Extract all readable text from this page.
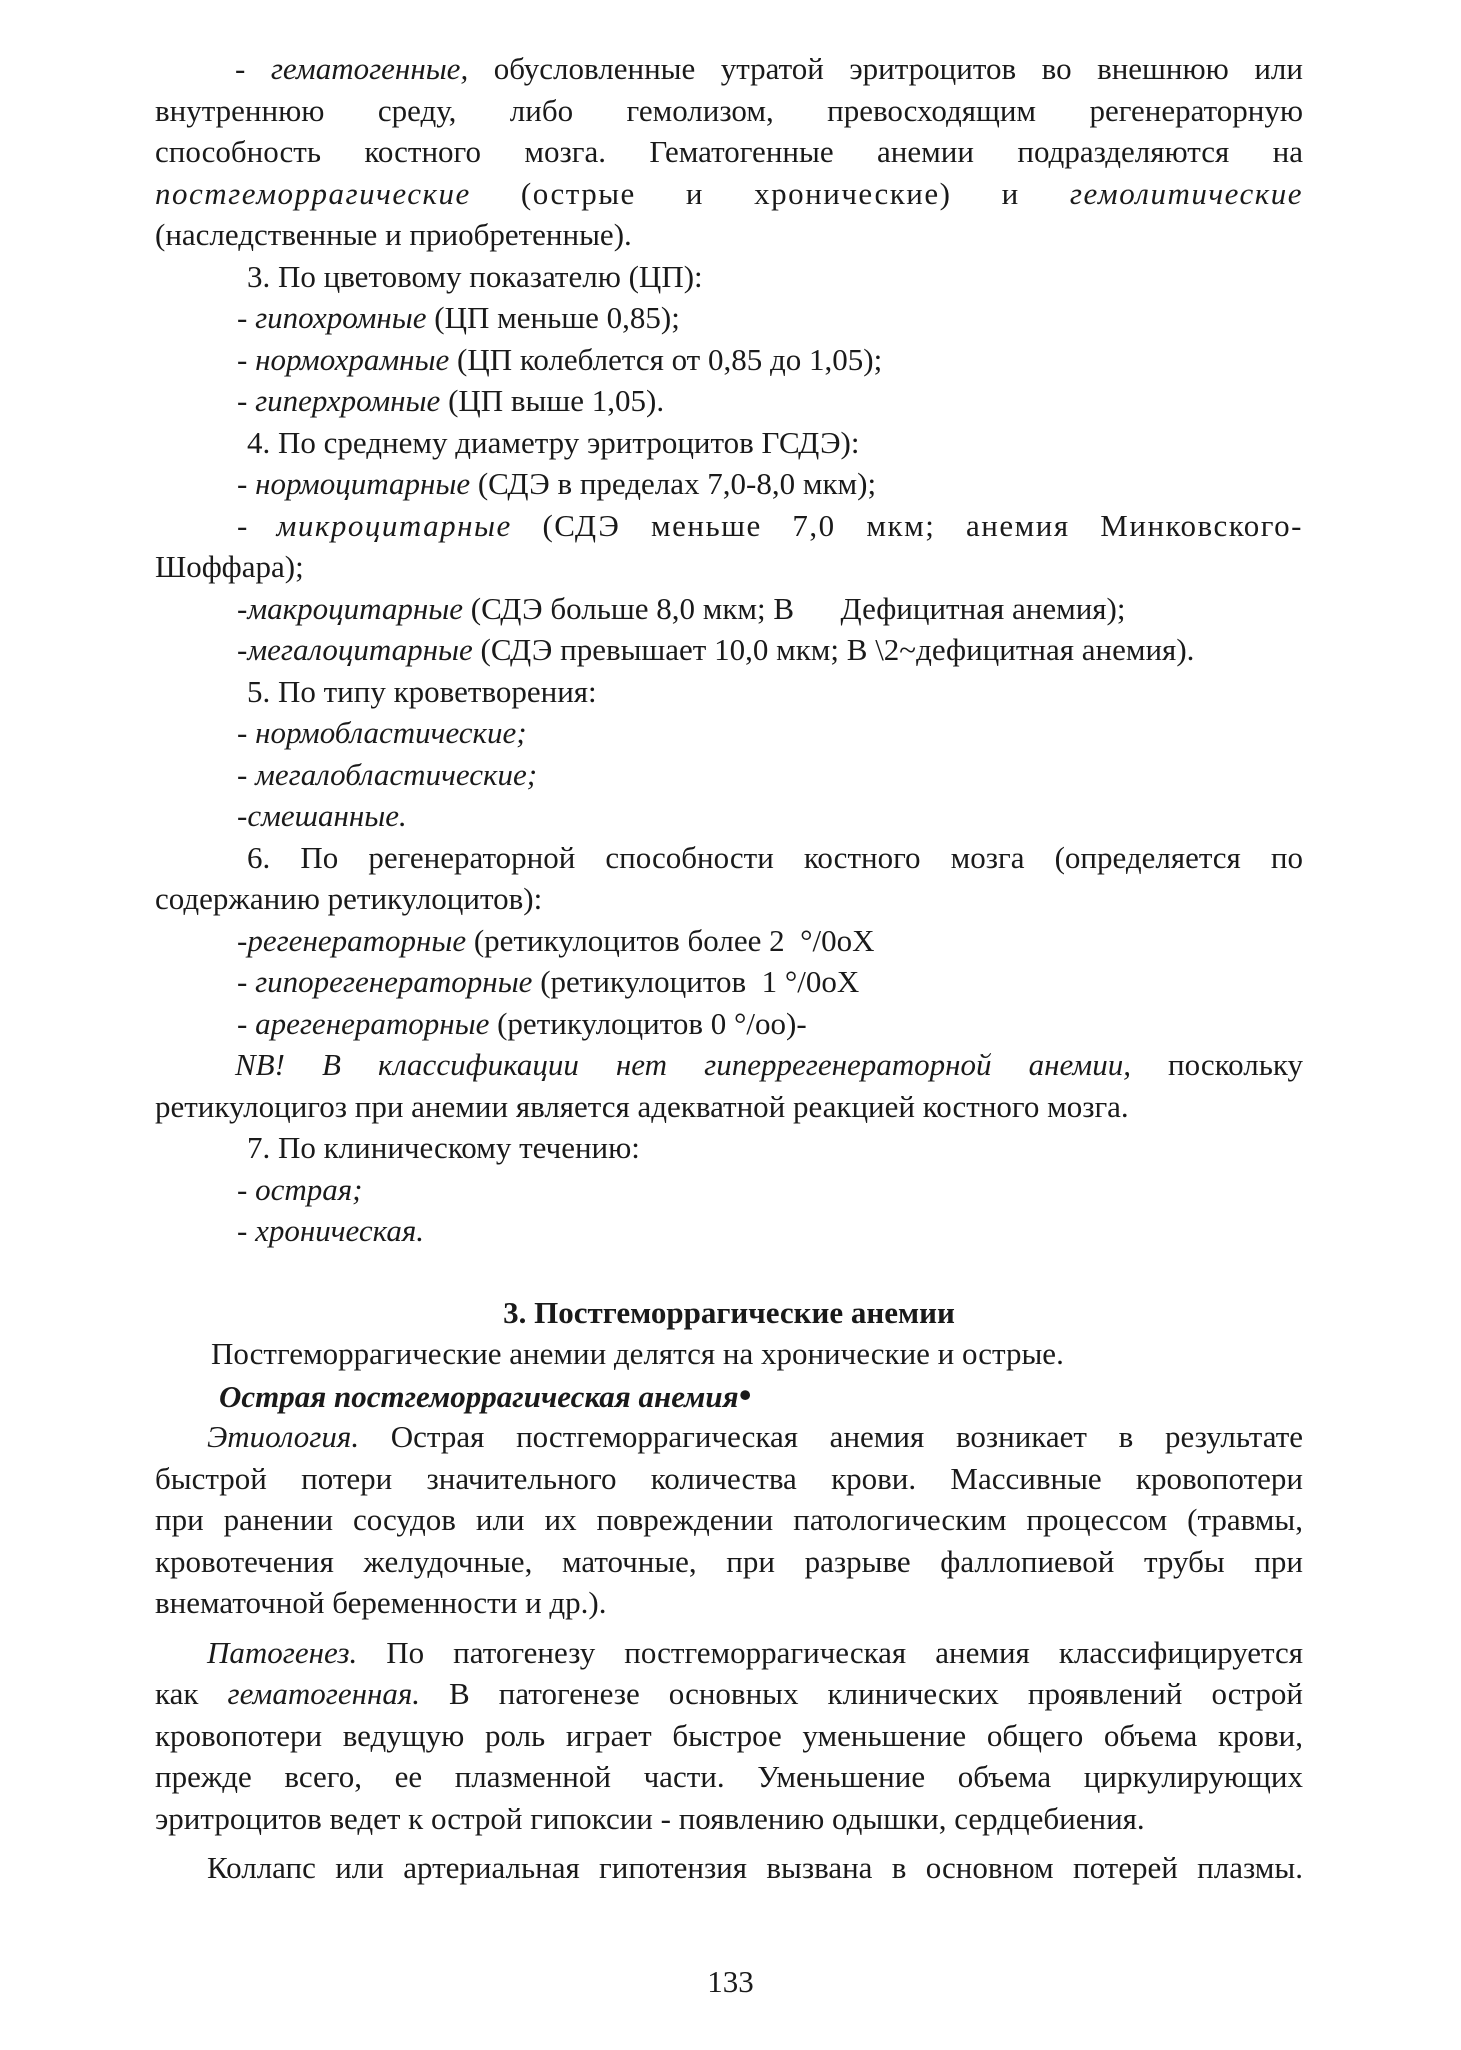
- гематогенные, обусловленные утратой эритроцитов во внешнюю или
внутреннюю среду, либо гемолизом, превосходящим регенераторную
способность костного мозга. Гематогенные анемии подразделяются на
постгеморрагические (острые и хронические) и гемолитические
(наследственные и приобретенные).
3. По цветовому показателю (ЦП):
- гипохромные (ЦП меньше 0,85);
- нормохрамные (ЦП колеблется от 0,85 до 1,05);
- гиперхромные (ЦП выше 1,05).
4. По среднему диаметру эритроцитов ГСДЭ):
- нормоцитарные (СДЭ в пределах 7,0-8,0 мкм);
- микроцитарные (СДЭ меньше 7,0 мкм; анемия Минковского-
Шоффара);
-макроцитарные (СДЭ больше 8,0 мкм; В      Дефицитная анемия);
-мегалоцитарные (СДЭ превышает 10,0 мкм; В \2~дефицитная анемия).
5. По типу кроветворения:
- нормобластические;
- мегалобластические;
-смешанные.
6. По регенераторной способности костного мозга (определяется по
содержанию ретикулоцитов):
-регенераторные (ретикулоцитов более 2  °/0оХ
- гипорегенераторные (ретикулоцитов  1 °/0оХ
- арегенераторные (ретикулоцитов 0 °/оо)-
NB! В классификации нет гиперрегенераторной анемии, поскольку
ретикулоцигоз при анемии является адекватной реакцией костного мозга.
7. По клиническому течению:
- острая;
- хроническая.
3. Постгеморрагические анемии
Постгеморрагические анемии делятся на хронические и острые.
Острая постгеморрагическая анемия•
Этиология. Острая постгеморрагическая анемия возникает в результате
быстрой потери значительного количества крови. Массивные кровопотери
при ранении сосудов или их повреждении патологическим процессом (травмы,
кровотечения желудочные, маточные, при разрыве фаллопиевой трубы при
внематочной беременности и др.).
Патогенез. По патогенезу постгеморрагическая анемия классифицируется
как гематогенная. В патогенезе основных клинических проявлений острой
кровопотери ведущую роль играет быстрое уменьшение общего объема крови,
прежде всего, ее плазменной части. Уменьшение объема циркулирующих
эритроцитов ведет к острой гипоксии - появлению одышки, сердцебиения.
Коллапс или артериальная гипотензия вызвана в основном потерей плазмы.
133
